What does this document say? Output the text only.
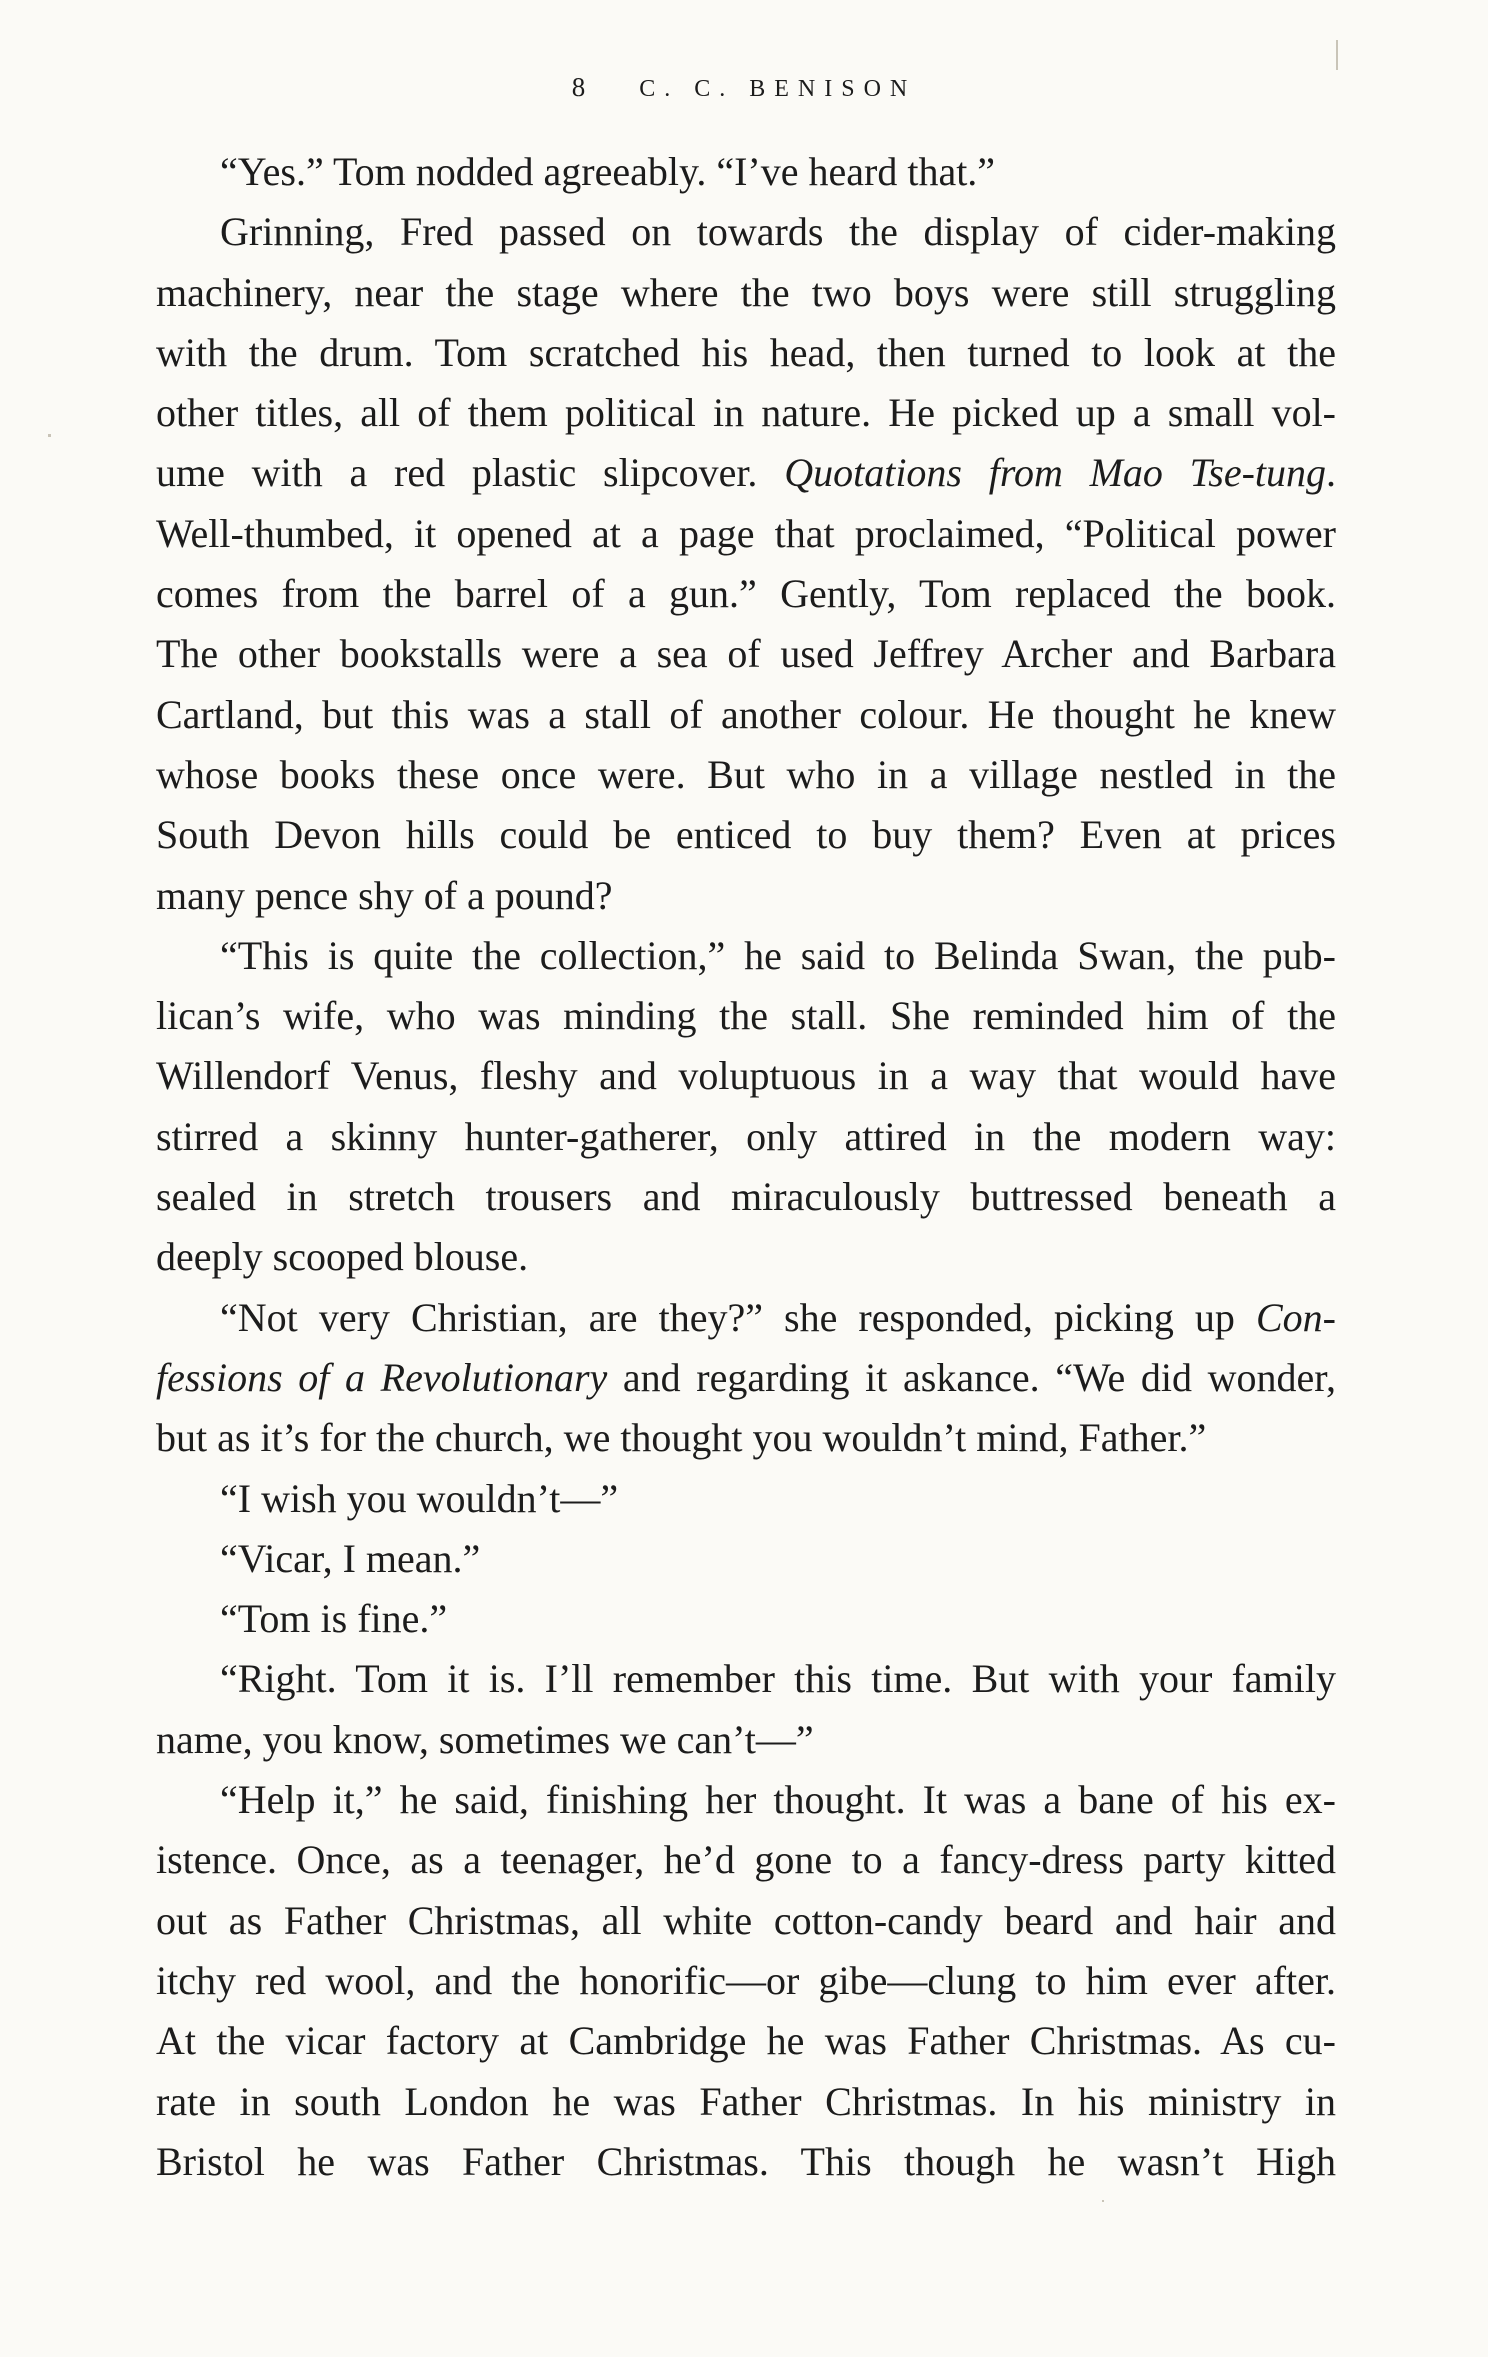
8 C. C. BENISON
“Yes.” Tom nodded agreeably. “I’ve heard that.”
Grinning, Fred passed on towards the display of cider-making
machinery, near the stage where the two boys were still struggling
with the drum. Tom scratched his head, then turned to look at the
other titles, all of them political in nature. He picked up a small vol-
ume with a red plastic slipcover. Quotations from Mao Tse-tung.
Well-thumbed, it opened at a page that proclaimed, “Political power
comes from the barrel of a gun.” Gently, Tom replaced the book.
The other bookstalls were a sea of used Jeffrey Archer and Barbara
Cartland, but this was a stall of another colour. He thought he knew
whose books these once were. But who in a village nestled in the
South Devon hills could be enticed to buy them? Even at prices
many pence shy of a pound?
“This is quite the collection,” he said to Belinda Swan, the pub-
lican’s wife, who was minding the stall. She reminded him of the
Willendorf Venus, fleshy and voluptuous in a way that would have
stirred a skinny hunter-gatherer, only attired in the modern way:
sealed in stretch trousers and miraculously buttressed beneath a
deeply scooped blouse.
“Not very Christian, are they?” she responded, picking up Con-
fessions of a Revolutionary and regarding it askance. “We did wonder,
but as it’s for the church, we thought you wouldn’t mind, Father.”
“I wish you wouldn’t—”
“Vicar, I mean.”
“Tom is fine.”
“Right. Tom it is. I’ll remember this time. But with your family
name, you know, sometimes we can’t—”
“Help it,” he said, finishing her thought. It was a bane of his ex-
istence. Once, as a teenager, he’d gone to a fancy-dress party kitted
out as Father Christmas, all white cotton-candy beard and hair and
itchy red wool, and the honorific—or gibe—clung to him ever after.
At the vicar factory at Cambridge he was Father Christmas. As cu-
rate in south London he was Father Christmas. In his ministry in
Bristol he was Father Christmas. This though he wasn’t High
